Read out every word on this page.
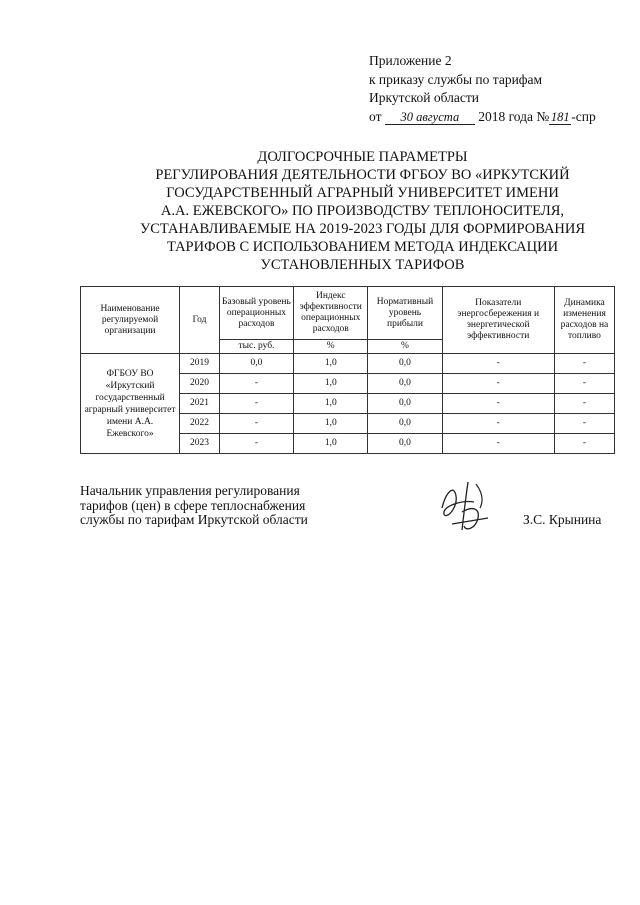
Приложение 2
к приказу службы по тарифам
Иркутской области
от 30 августа 2018 года № 181 -спр
ДОЛГОСРОЧНЫЕ ПАРАМЕТРЫ
РЕГУЛИРОВАНИЯ ДЕЯТЕЛЬНОСТИ ФГБОУ ВО «ИРКУТСКИЙ
ГОСУДАРСТВЕННЫЙ АГРАРНЫЙ УНИВЕРСИТЕТ ИМЕНИ
А.А. ЕЖЕВСКОГО» ПО ПРОИЗВОДСТВУ ТЕПЛОНОСИТЕЛЯ,
УСТАНАВЛИВАЕМЫЕ НА 2019-2023 ГОДЫ ДЛЯ ФОРМИРОВАНИЯ
ТАРИФОВ С ИСПОЛЬЗОВАНИЕМ МЕТОДА ИНДЕКСАЦИИ
УСТАНОВЛЕННЫХ ТАРИФОВ
Наименование регулируемой организации	Год	Базовый уровень операционных расходов	Индекс эффективности операционных расходов	Нормативный уровень прибыли	Показатели энергосбережения и энергетической эффективности	Динамика изменения расходов на топливо
		тыс. руб.	%	%		
ФГБОУ ВО «Иркутский государственный аграрный университет имени А.А. Ежевского»	2019	0,0	1,0	0,0	-	-
	2020	-	1,0	0,0	-	-
	2021	-	1,0	0,0	-	-
	2022	-	1,0	0,0	-	-
	2023	-	1,0	0,0	-	-
Начальник управления регулирования
тарифов (цен) в сфере теплоснабжения
службы по тарифам Иркутской области	З.С. Крынина
